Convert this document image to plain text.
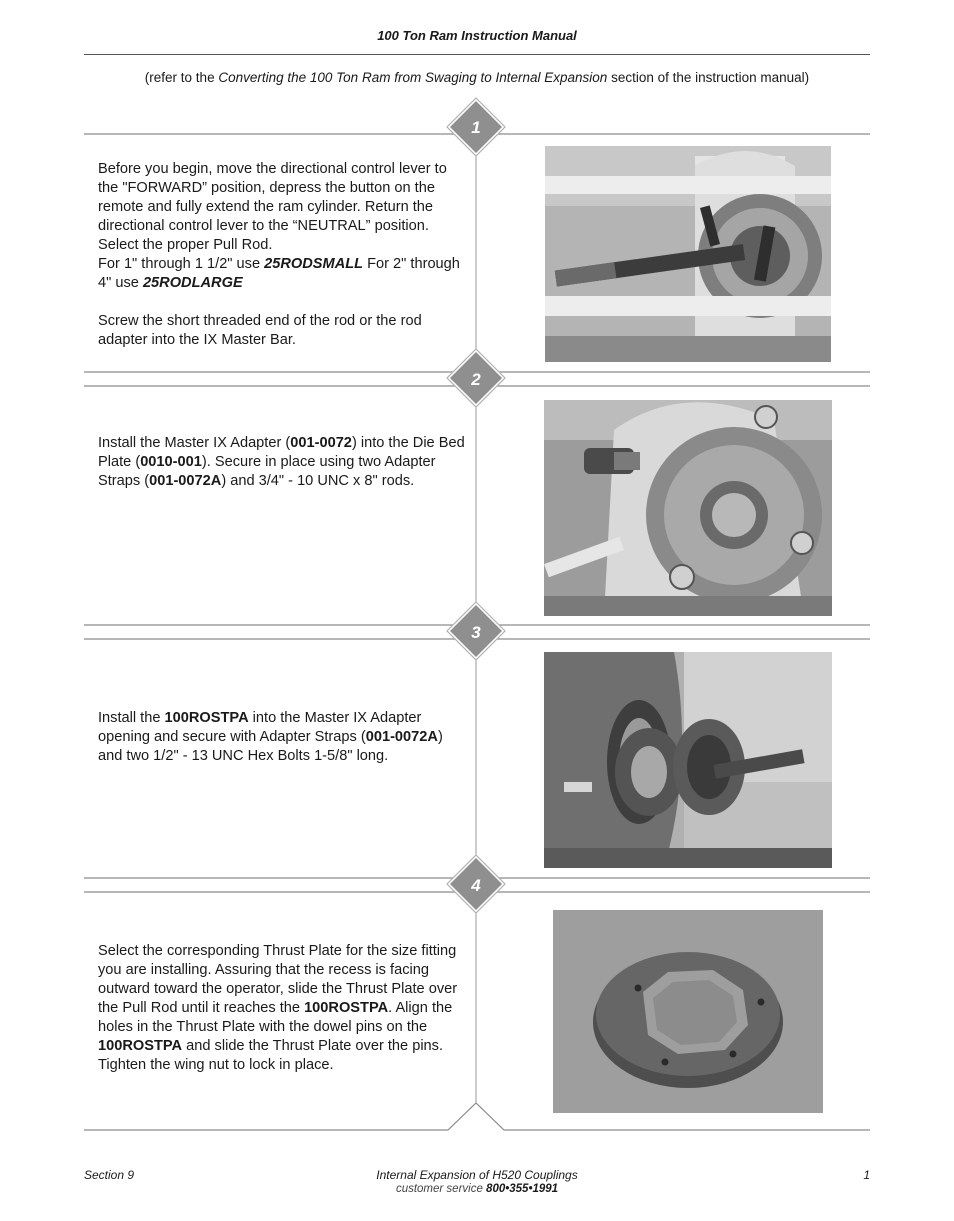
100 Ton Ram Instruction Manual
(refer to the Converting the 100 Ton Ram from Swaging to Internal Expansion section of the instruction manual)
1
2
3
4

Before you begin, move the directional control lever to the "FORWARD” position, depress the button on the remote and fully extend the ram cylinder. Return the directional control lever to the “NEUTRAL” position. Select the proper Pull Rod.
For 1" through 1 1/2" use 25RODSMALL For 2" through 4" use 25RODLARGE

Screw the short threaded end of the rod or the rod adapter into the IX Master Bar.

Install the Master IX Adapter (001-0072) into the Die Bed Plate (0010-001). Secure in place using two Adapter Straps (001-0072A) and 3/4" - 10 UNC x 8" rods.

Install the 100ROSTPA into the Master IX Adapter opening and secure with Adapter Straps (001-0072A) and two 1/2" - 13 UNC Hex Bolts 1-5/8" long.

Select the corresponding Thrust Plate for the size fitting you are installing. Assuring that the recess is facing outward toward the operator, slide the Thrust Plate over the Pull Rod until it reaches the 100ROSTPA. Align the holes in the Thrust Plate with the dowel pins on the 100ROSTPA and slide the Thrust Plate over the pins. Tighten the wing nut to lock in place.

Section 9	Internal Expansion of H520 Couplings
customer service 800•355•1991
1
